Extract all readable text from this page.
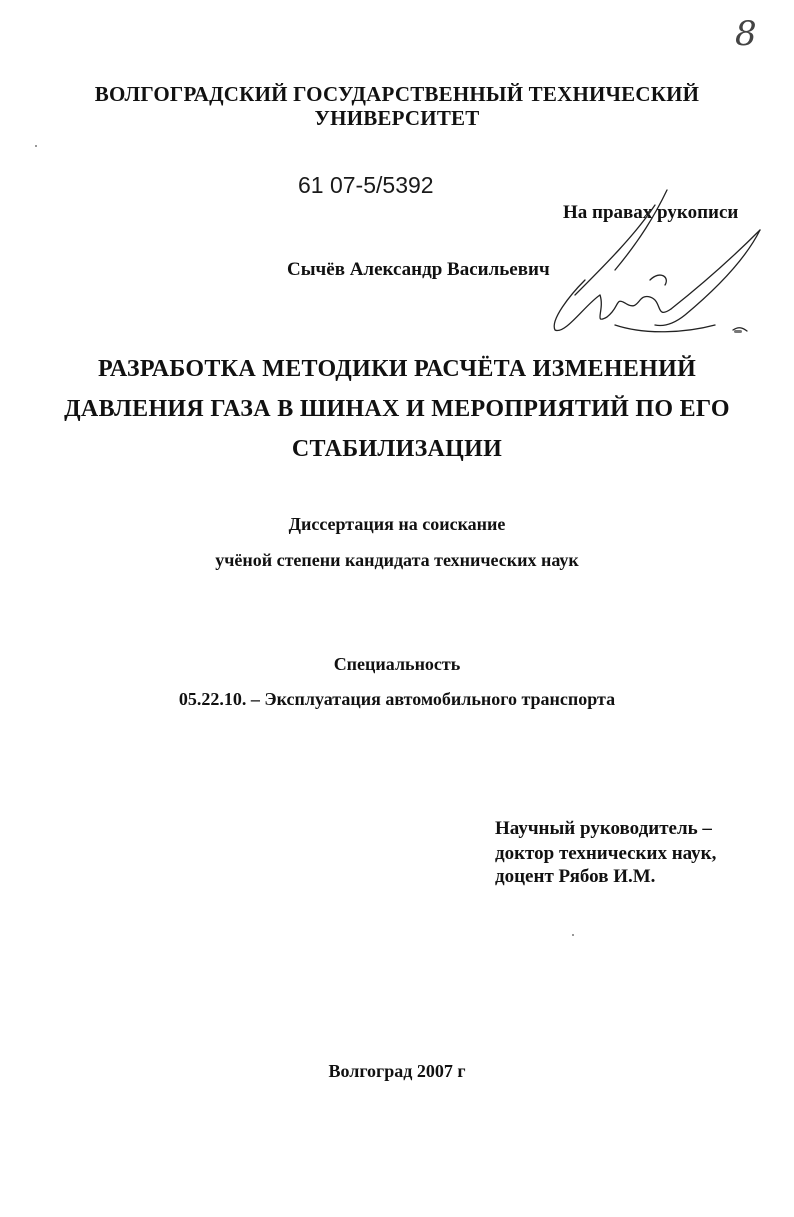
8
ВОЛГОГРАДСКИЙ ГОСУДАРСТВЕННЫЙ ТЕХНИЧЕСКИЙ
УНИВЕРСИТЕТ
61 07-5/5392
На правах рукописи
Сычёв Александр Васильевич
РАЗРАБОТКА МЕТОДИКИ РАСЧЁТА ИЗМЕНЕНИЙ
ДАВЛЕНИЯ ГАЗА В ШИНАХ И МЕРОПРИЯТИЙ ПО ЕГО
СТАБИЛИЗАЦИИ
Диссертация на соискание
учёной степени кандидата технических наук
Специальность
05.22.10. – Эксплуатация автомобильного транспорта
Научный руководитель –
доктор технических наук,
доцент Рябов И.М.
Волгоград 2007 г
